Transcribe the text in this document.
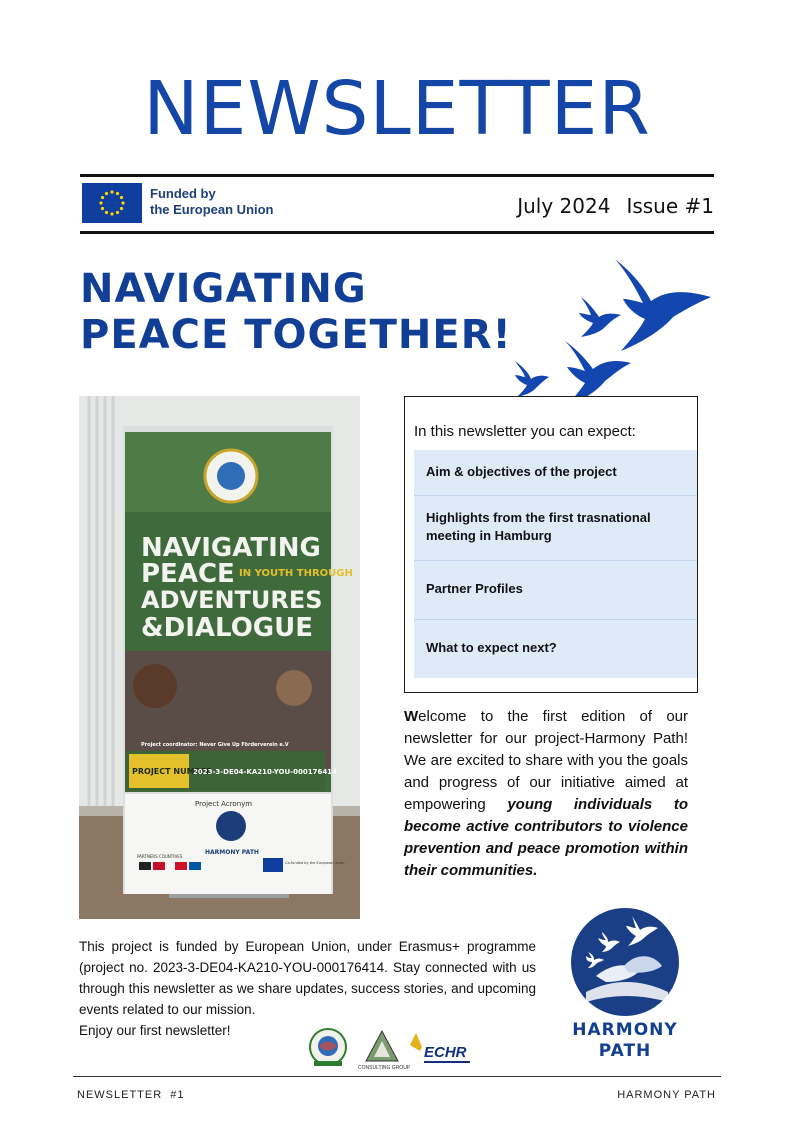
NEWSLETTER
Funded by
the European Union	July 2024 Issue #1
NAVIGATING
PEACE TOGETHER!
NAVIGATING
PEACE IN YOUTH THROUGH
ADVENTURES
&DIALOGUE
Project coordinator: Never Give Up Förderverein e.V
PROJECT NUMBER
2023-3-DE04-KA210-YOU-000176414
Project Acronym
HARMONY PATH
PARTNERS COUNTRIES
Co-funded by the European Union
In this newsletter you can expect:
Aim & objectives of the project
Highlights from the first trasnational meeting in Hamburg
Partner Profiles
What to expect next?
Welcome to the first edition of our newsletter for our project-Harmony Path! We are excited to share with you the goals and progress of our initiative aimed at empowering young individuals to become active contributors to violence prevention and peace promotion within their communities.
This project is funded by European Union, under Erasmus+ programme (project no. 2023-3-DE04-KA210-YOU-000176414. Stay connected with us through this newsletter as we share updates, success stories, and upcoming events related to our mission.
Enjoy our first newsletter!
CONSULTING GROUP
ECHR
HARMONY
PATH
NEWSLETTER  #1	HARMONY PATH
